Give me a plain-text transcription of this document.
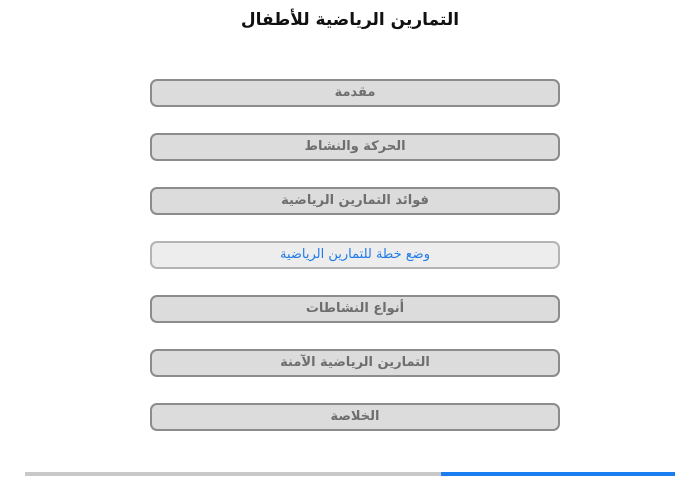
التمارين الرياضية للأطفال
مقدمة
الحركة والنشاط
فوائد التمارين الرياضية
وضع خطة للتمارين الرياضية
أنواع النشاطات
التمارين الرياضية الآمنة
الخلاصة
